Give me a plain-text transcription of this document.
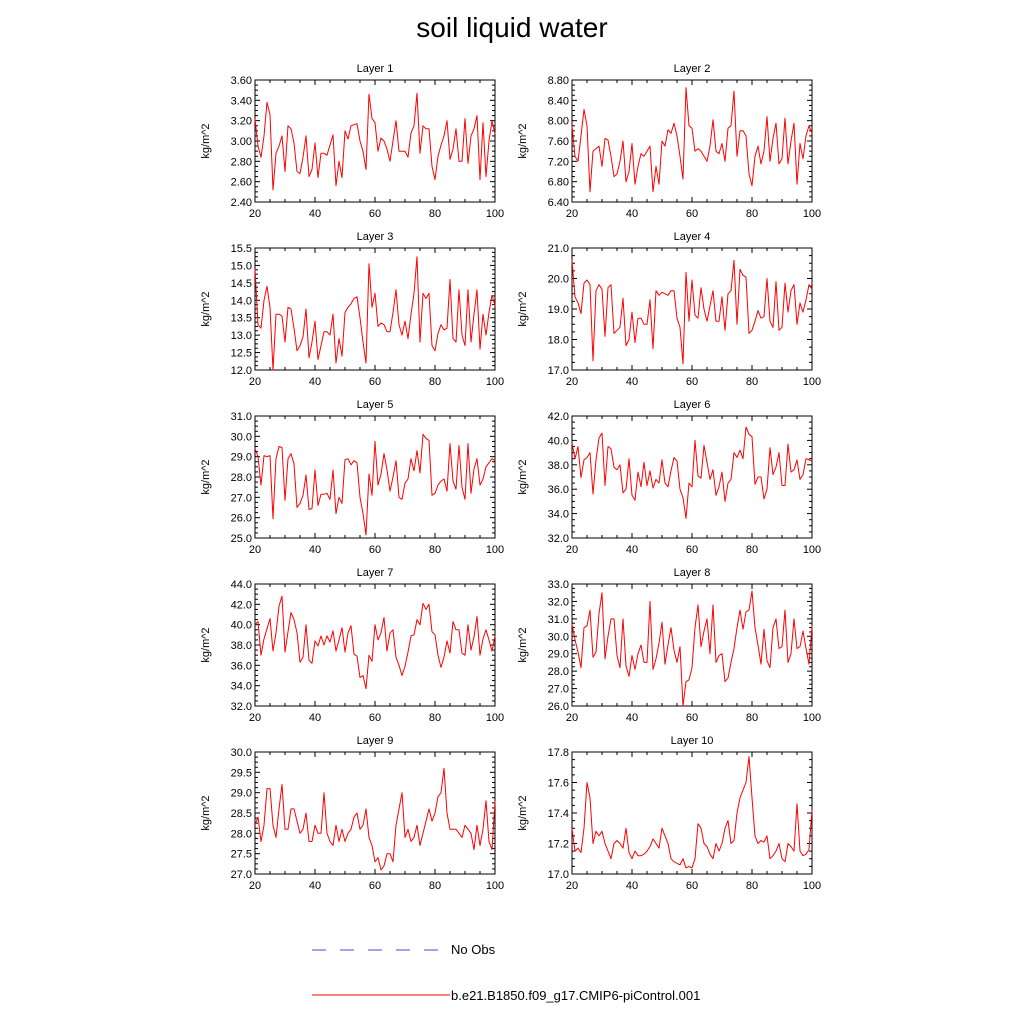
soil liquid water
Layer 1
kg/m^2
20	40	60	80	100
2.40
2.60
2.80
3.00
3.20
3.40
3.60
Layer 2
kg/m^2
20	40	60	80	100
6.40
6.80
7.20
7.60
8.00
8.40
8.80
Layer 3
kg/m^2
20	40	60	80	100
12.0
12.5
13.0
13.5
14.0
14.5
15.0
15.5
Layer 4
kg/m^2
20	40	60	80	100
17.0
18.0
19.0
20.0
21.0
Layer 5
kg/m^2
20	40	60	80	100
25.0
26.0
27.0
28.0
29.0
30.0
31.0
Layer 6
kg/m^2
20	40	60	80	100
32.0
34.0
36.0
38.0
40.0
42.0
Layer 7
kg/m^2
20	40	60	80	100
32.0
34.0
36.0
38.0
40.0
42.0
44.0
Layer 8
kg/m^2
20	40	60	80	100
26.0
27.0
28.0
29.0
30.0
31.0
32.0
33.0
Layer 9
kg/m^2
20	40	60	80	100
27.0
27.5
28.0
28.5
29.0
29.5
30.0
Layer 10
kg/m^2
20	40	60	80	100
17.0
17.2
17.4
17.6
17.8
No Obs
b.e21.B1850.f09_g17.CMIP6-piControl.001
